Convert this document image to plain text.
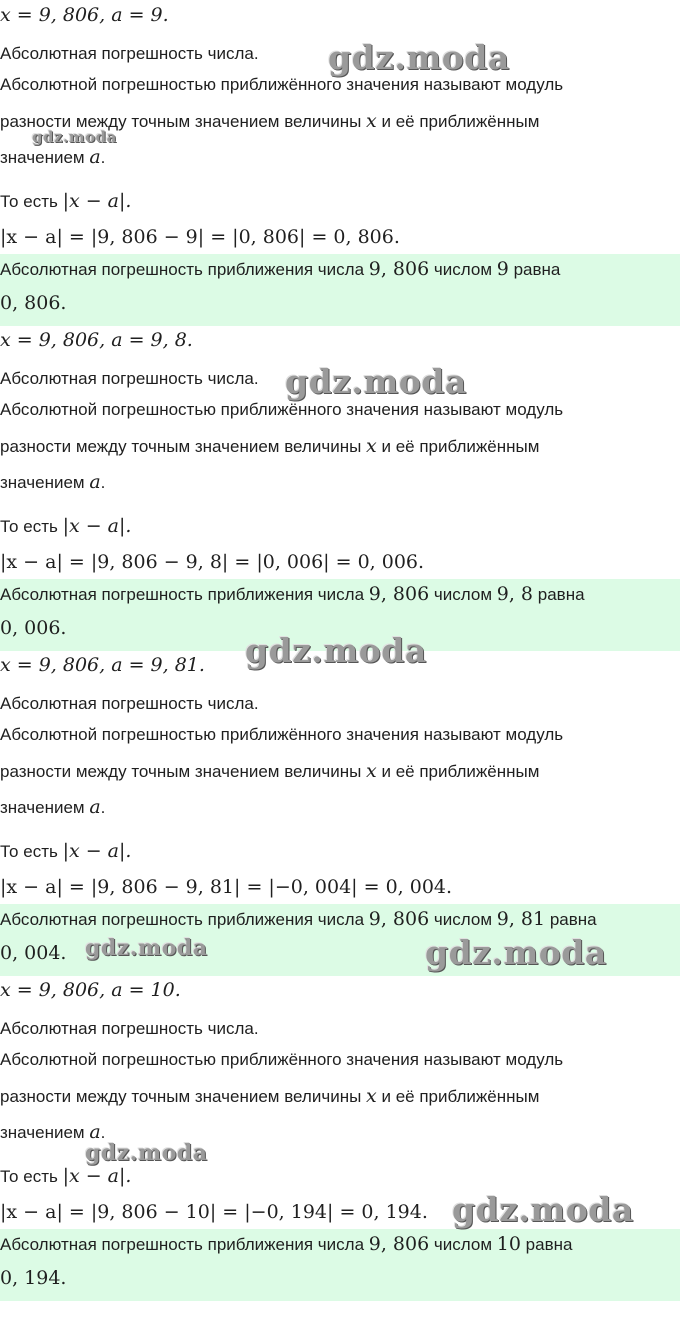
x = 9, 806, a = 9.
Абсолютная погрешность числа.
Абсолютной погрешностью приближённого значения называют модуль
разности между точным значением величины x и её приближённым
значением a.
То есть |x − a|.
|x − a| = |9, 806 − 9| = |0, 806| = 0, 806.
Абсолютная погрешность приближения числа 9, 806 числом 9 равна
0, 806.
x = 9, 806, a = 9, 8.
Абсолютная погрешность числа.
Абсолютной погрешностью приближённого значения называют модуль
разности между точным значением величины x и её приближённым
значением a.
То есть |x − a|.
|x − a| = |9, 806 − 9, 8| = |0, 006| = 0, 006.
Абсолютная погрешность приближения числа 9, 806 числом 9, 8 равна
0, 006.
x = 9, 806, a = 9, 81.
Абсолютная погрешность числа.
Абсолютной погрешностью приближённого значения называют модуль
разности между точным значением величины x и её приближённым
значением a.
То есть |x − a|.
|x − a| = |9, 806 − 9, 81| = |−0, 004| = 0, 004.
Абсолютная погрешность приближения числа 9, 806 числом 9, 81 равна
0, 004.
x = 9, 806, a = 10.
Абсолютная погрешность числа.
Абсолютной погрешностью приближённого значения называют модуль
разности между точным значением величины x и её приближённым
значением a.
То есть |x − a|.
|x − a| = |9, 806 − 10| = |−0, 194| = 0, 194.
Абсолютная погрешность приближения числа 9, 806 числом 10 равна
0, 194.
gdz.moda
gdz.moda
gdz.moda
gdz.moda
gdz.moda	gdz.moda
gdz.moda
gdz.moda
